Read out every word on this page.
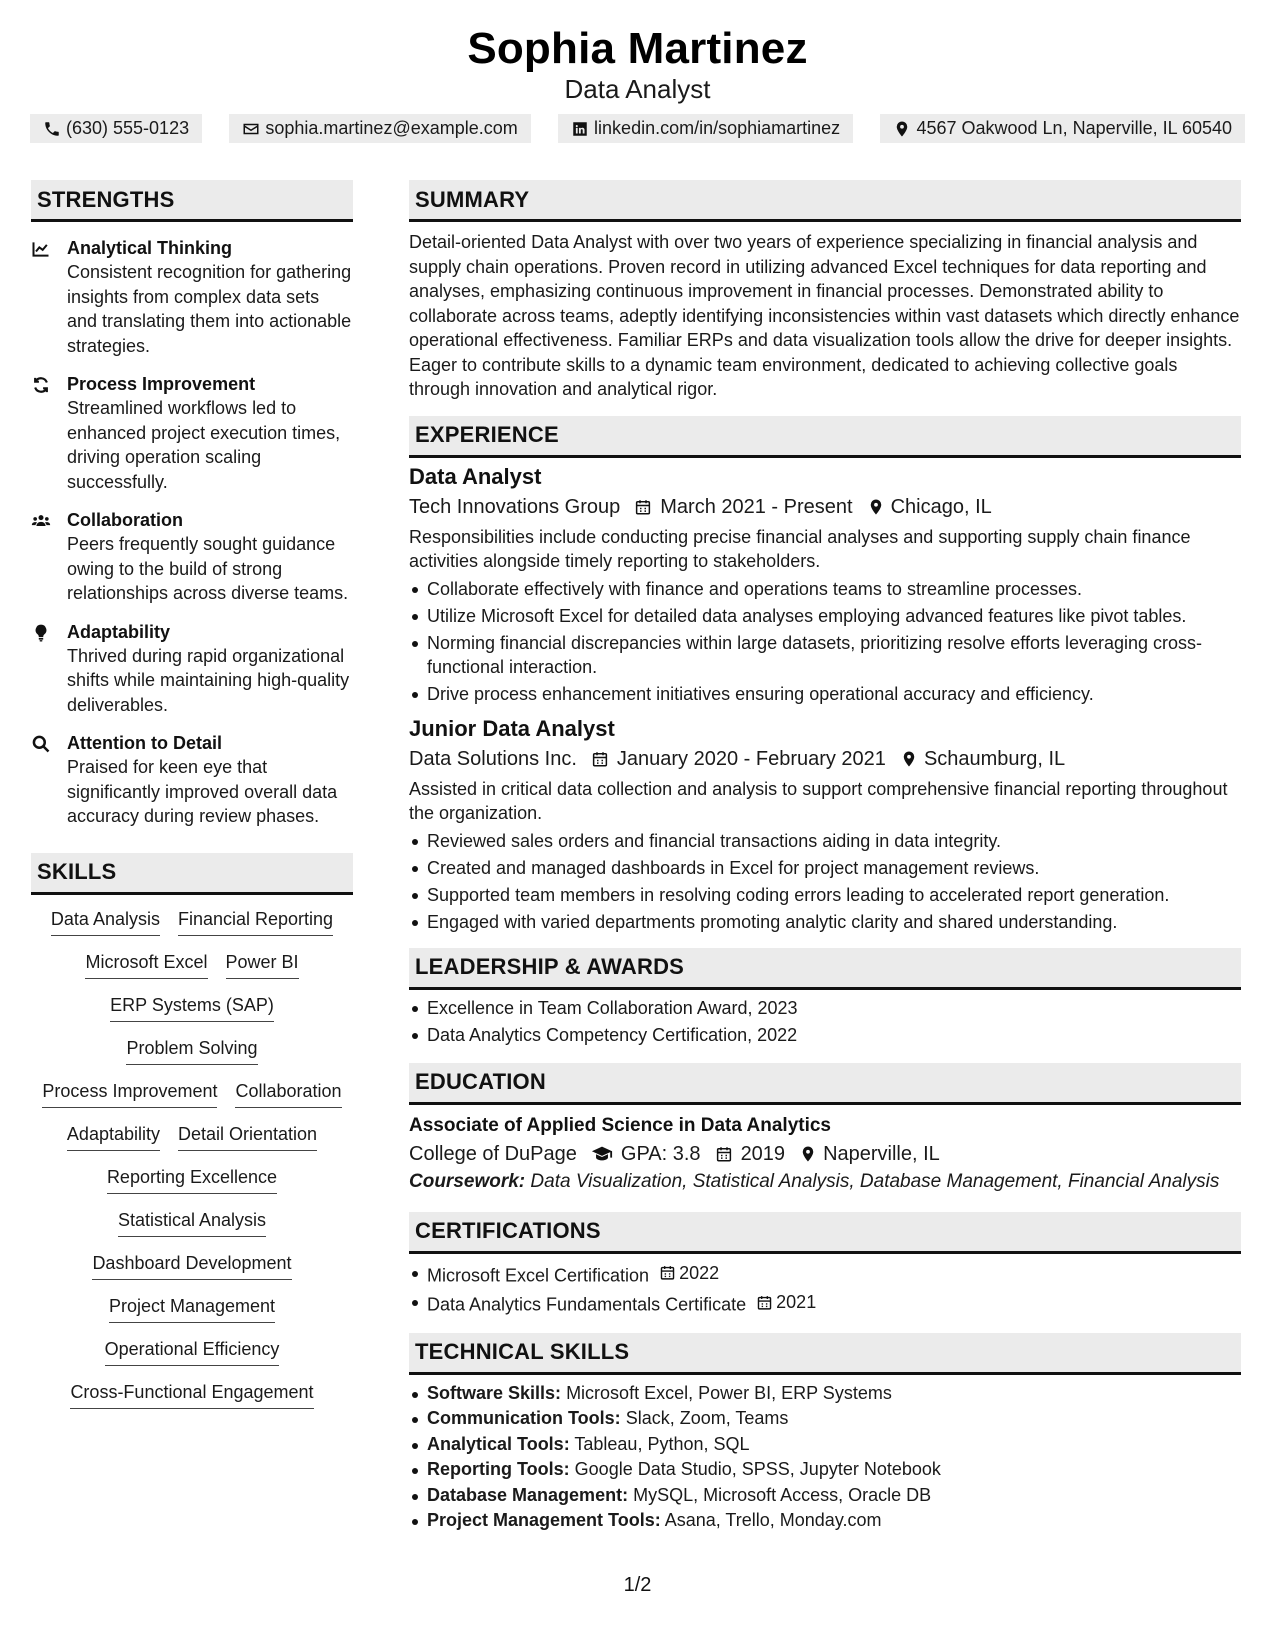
Sophia Martinez
Data Analyst
(630) 555-0123	sophia.martinez@example.com	linkedin.com/in/sophiamartinez	4567 Oakwood Ln, Naperville, IL 60540
STRENGTHS
Analytical Thinking
Consistent recognition for gathering insights from complex data sets and translating them into actionable strategies.
Process Improvement
Streamlined workflows led to enhanced project execution times, driving operation scaling successfully.
Collaboration
Peers frequently sought guidance owing to the build of strong relationships across diverse teams.
Adaptability
Thrived during rapid organizational shifts while maintaining high-quality deliverables.
Attention to Detail
Praised for keen eye that significantly improved overall data accuracy during review phases.
SKILLS
Data Analysis Financial Reporting
Microsoft Excel Power BI
ERP Systems (SAP)
Problem Solving
Process Improvement Collaboration
Adaptability Detail Orientation
Reporting Excellence
Statistical Analysis
Dashboard Development
Project Management
Operational Efficiency
Cross-Functional Engagement
SUMMARY
Detail-oriented Data Analyst with over two years of experience specializing in financial analysis and supply chain operations. Proven record in utilizing advanced Excel techniques for data reporting and analyses, emphasizing continuous improvement in financial processes. Demonstrated ability to collaborate across teams, adeptly identifying inconsistencies within vast datasets which directly enhance operational effectiveness. Familiar ERPs and data visualization tools allow the drive for deeper insights. Eager to contribute skills to a dynamic team environment, dedicated to achieving collective goals through innovation and analytical rigor.
EXPERIENCE
Data Analyst
Tech Innovations Group March 2021 - Present Chicago, IL
Responsibilities include conducting precise financial analyses and supporting supply chain finance activities alongside timely reporting to stakeholders.
Collaborate effectively with finance and operations teams to streamline processes.
Utilize Microsoft Excel for detailed data analyses employing advanced features like pivot tables.
Norming financial discrepancies within large datasets, prioritizing resolve efforts leveraging cross-functional interaction.
Drive process enhancement initiatives ensuring operational accuracy and efficiency.
Junior Data Analyst
Data Solutions Inc. January 2020 - February 2021 Schaumburg, IL
Assisted in critical data collection and analysis to support comprehensive financial reporting throughout the organization.
Reviewed sales orders and financial transactions aiding in data integrity.
Created and managed dashboards in Excel for project management reviews.
Supported team members in resolving coding errors leading to accelerated report generation.
Engaged with varied departments promoting analytic clarity and shared understanding.
LEADERSHIP & AWARDS
Excellence in Team Collaboration Award, 2023
Data Analytics Competency Certification, 2022
EDUCATION
Associate of Applied Science in Data Analytics
College of DuPage GPA: 3.8 2019 Naperville, IL
Coursework: Data Visualization, Statistical Analysis, Database Management, Financial Analysis
CERTIFICATIONS
Microsoft Excel Certification 2022
Data Analytics Fundamentals Certificate 2021
TECHNICAL SKILLS
Software Skills: Microsoft Excel, Power BI, ERP Systems
Communication Tools: Slack, Zoom, Teams
Analytical Tools: Tableau, Python, SQL
Reporting Tools: Google Data Studio, SPSS, Jupyter Notebook
Database Management: MySQL, Microsoft Access, Oracle DB
Project Management Tools: Asana, Trello, Monday.com
1/2
